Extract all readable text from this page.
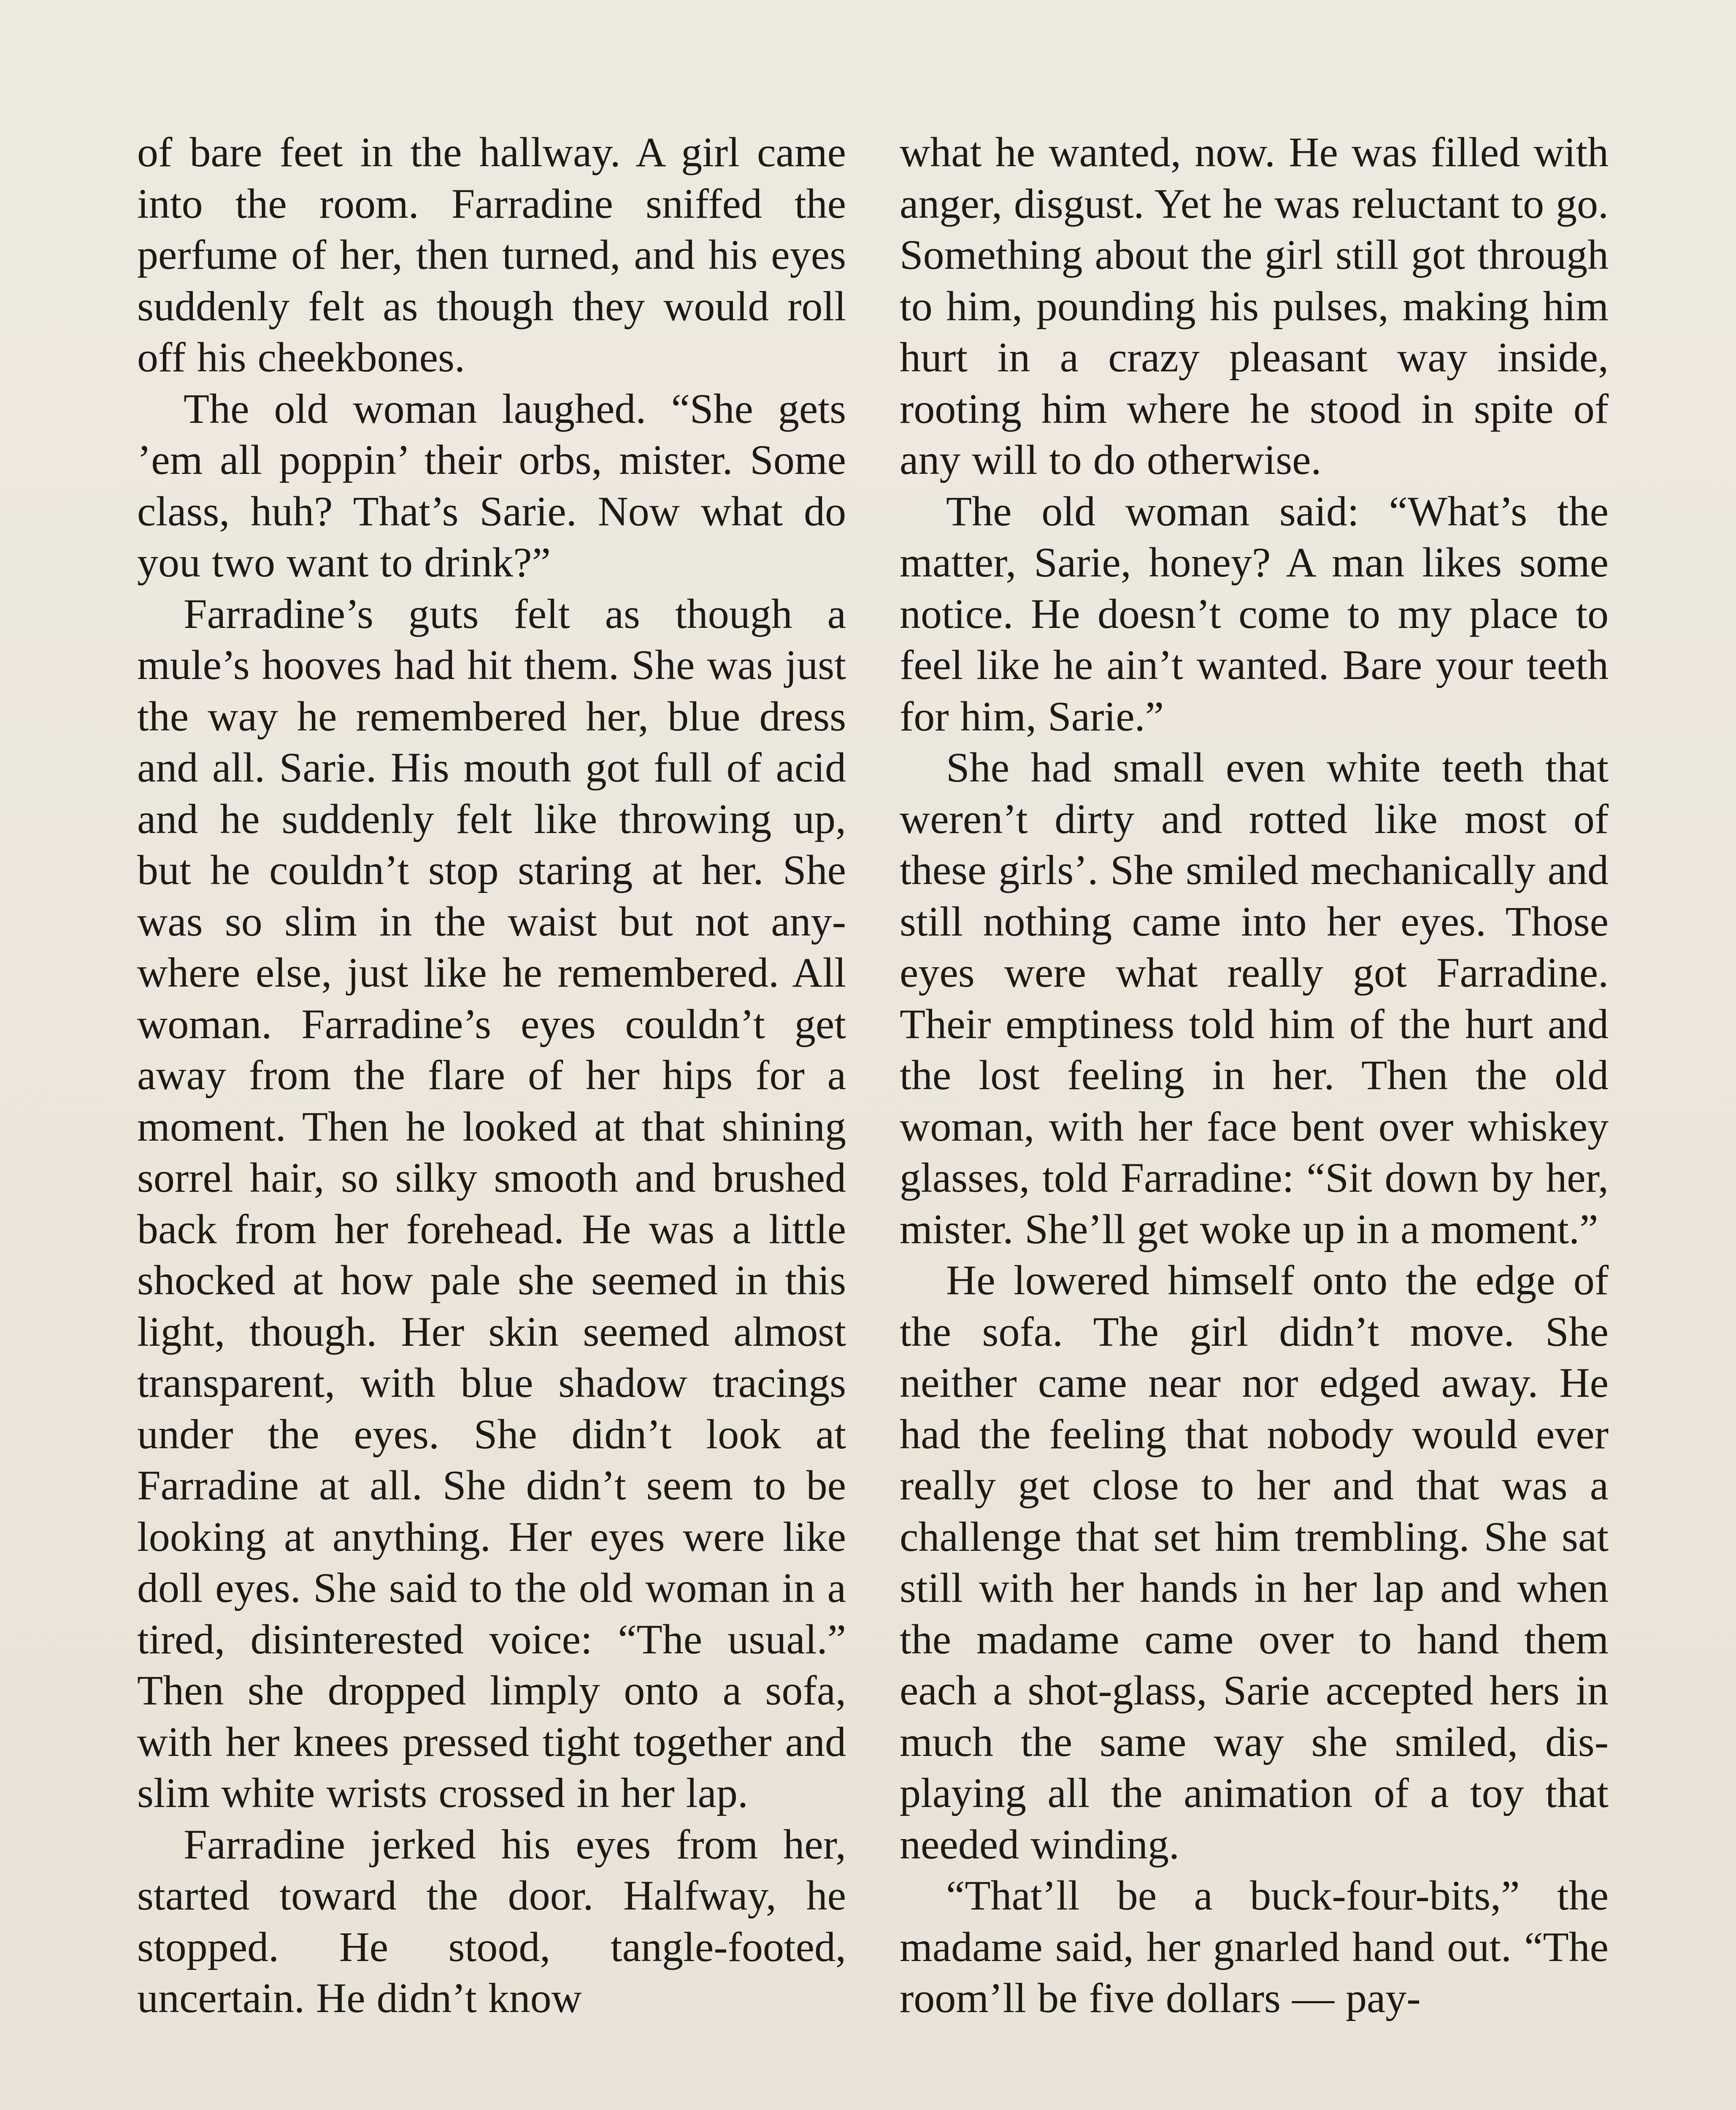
of bare feet in the hallway. A girl came into the room. Farradine sniffed the perfume of her, then turned, and his eyes suddenly felt as though they would roll off his cheekbones.

The old woman laughed. “She gets ’em all poppin’ their orbs, mister. Some class, huh? That’s Sarie. Now what do you two want to drink?”

Farradine’s guts felt as though a mule’s hooves had hit them. She was just the way he remembered her, blue dress and all. Sarie. His mouth got full of acid and he suddenly felt like throwing up, but he couldn’t stop staring at her. She was so slim in the waist but not anywhere else, just like he remembered. All woman. Farradine’s eyes couldn’t get away from the flare of her hips for a moment. Then he looked at that shining sorrel hair, so silky smooth and brushed back from her forehead. He was a little shocked at how pale she seemed in this light, though. Her skin seemed almost transparent, with blue shadow tracings under the eyes. She didn’t look at Farradine at all. She didn’t seem to be looking at anything. Her eyes were like doll eyes. She said to the old woman in a tired, disinterested voice: “The usual.” Then she dropped limply onto a sofa, with her knees pressed tight together and slim white wrists crossed in her lap.

Farradine jerked his eyes from her, started toward the door. Halfway, he stopped. He stood, tangle-footed, uncertain. He didn’t know

what he wanted, now. He was filled with anger, disgust. Yet he was reluctant to go. Something about the girl still got through to him, pounding his pulses, making him hurt in a crazy pleasant way inside, rooting him where he stood in spite of any will to do otherwise.

The old woman said: “What’s the matter, Sarie, honey? A man likes some notice. He doesn’t come to my place to feel like he ain’t wanted. Bare your teeth for him, Sarie.”

She had small even white teeth that weren’t dirty and rotted like most of these girls’. She smiled mechanically and still nothing came into her eyes. Those eyes were what really got Farradine. Their emptiness told him of the hurt and the lost feeling in her. Then the old woman, with her face bent over whiskey glasses, told Farradine: “Sit down by her, mister. She’ll get woke up in a moment.”

He lowered himself onto the edge of the sofa. The girl didn’t move. She neither came near nor edged away. He had the feeling that nobody would ever really get close to her and that was a challenge that set him trembling. She sat still with her hands in her lap and when the madame came over to hand them each a shot-glass, Sarie accepted hers in much the same way she smiled, displaying all the animation of a toy that needed winding.

“That’ll be a buck-four-bits,” the madame said, her gnarled hand out. “The room’ll be five dollars — pay-
